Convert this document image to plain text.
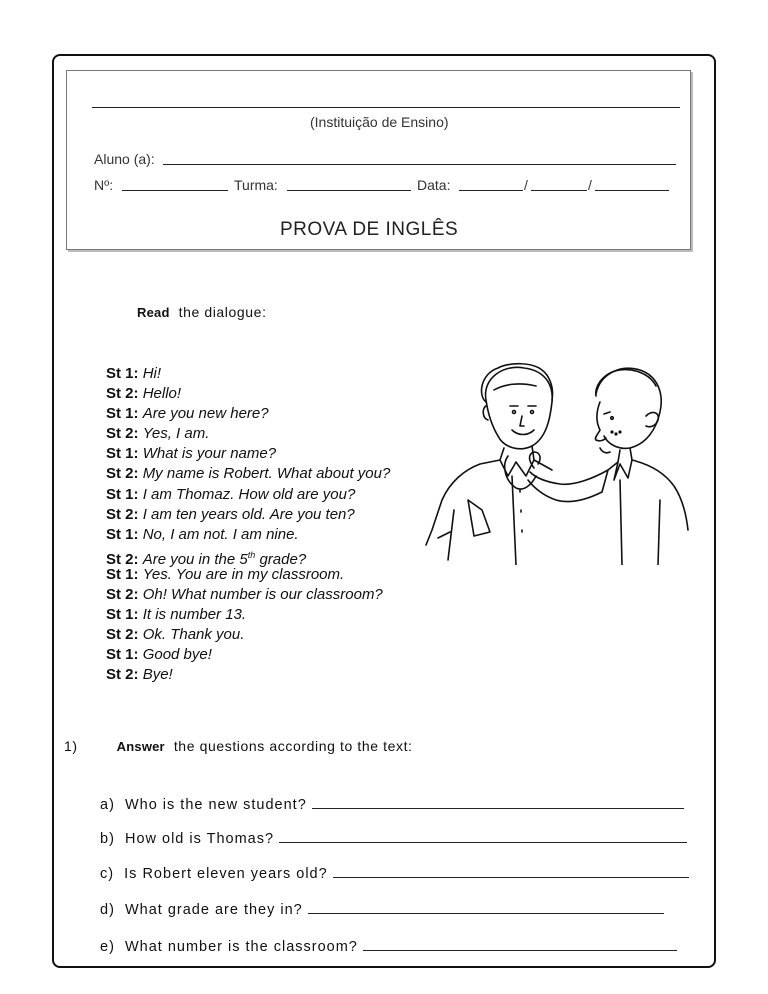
(Instituição de Ensino)
Aluno (a):
Nº:	Turma:	Data:	/	/
PROVA DE INGLÊS
Read the dialogue:
St 1: Hi!
St 2: Hello!
St 1: Are you new here?
St 2: Yes, I am.
St 1: What is your name?
St 2: My name is Robert. What about you?
St 1: I am Thomaz. How old are you?
St 2: I am ten years old. Are you ten?
St 1: No, I am not. I am nine.
St 2: Are you in the 5th grade?
St 1: Yes. You are in my classroom.
St 2: Oh! What number is our classroom?
St 1: It is number 13.
St 2: Ok. Thank you.
St 1: Good bye!
St 2: Bye!
1)	Answer the questions according to the text:
a) Who is the new student?
b) How old is Thomas?
c) Is Robert eleven years old?
d) What grade are they in?
e) What number is the classroom?
